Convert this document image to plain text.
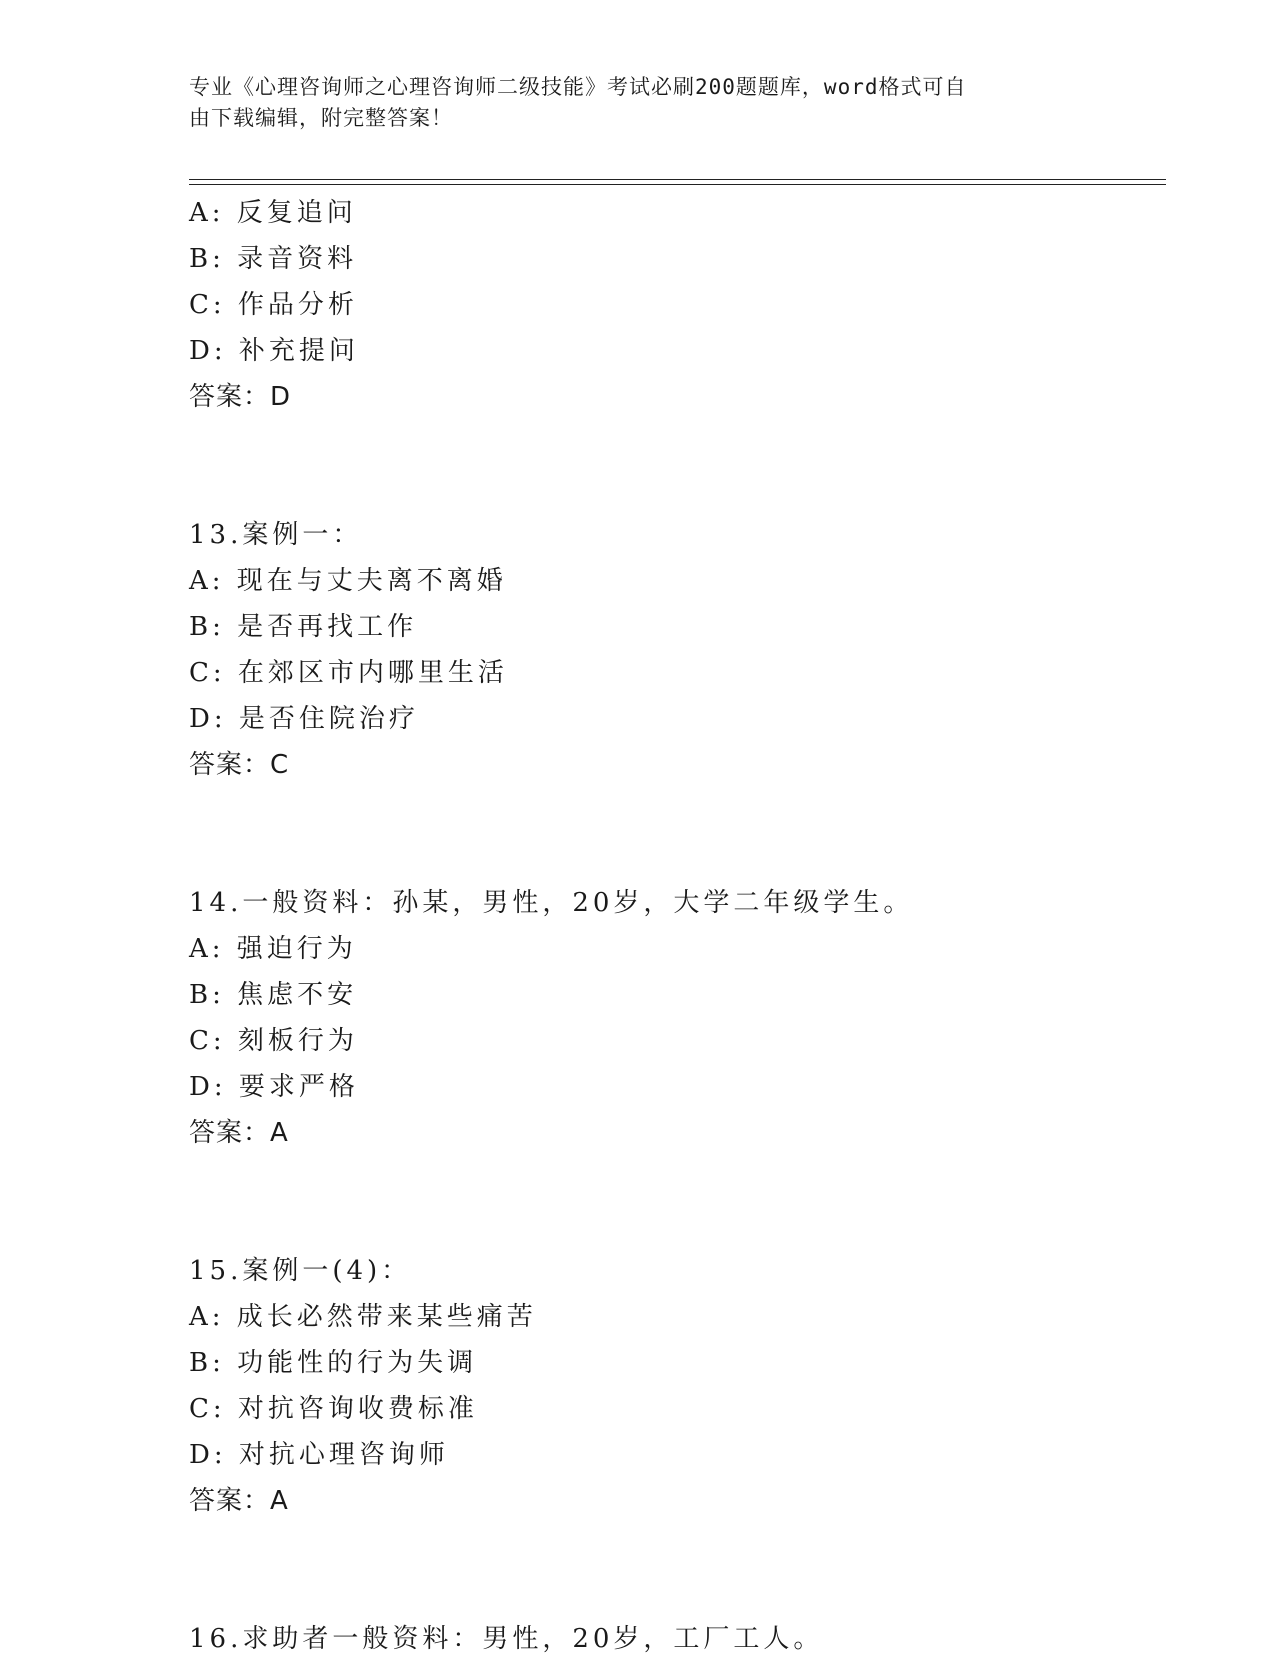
专业《心理咨询师之心理咨询师二级技能》考试必刷200题题库，word格式可自
由下载编辑，附完整答案！
A: 反复追问
B: 录音资料
C: 作品分析
D: 补充提问
答案：D
13.案例一：
A: 现在与丈夫离不离婚
B: 是否再找工作
C: 在郊区市内哪里生活
D: 是否住院治疗
答案：C
14.一般资料：孙某，男性，20岁，大学二年级学生。
A: 强迫行为
B: 焦虑不安
C: 刻板行为
D: 要求严格
答案：A
15.案例一(4)：
A: 成长必然带来某些痛苦
B: 功能性的行为失调
C: 对抗咨询收费标准
D: 对抗心理咨询师
答案：A
16.求助者一般资料：男性，20岁，工厂工人。
